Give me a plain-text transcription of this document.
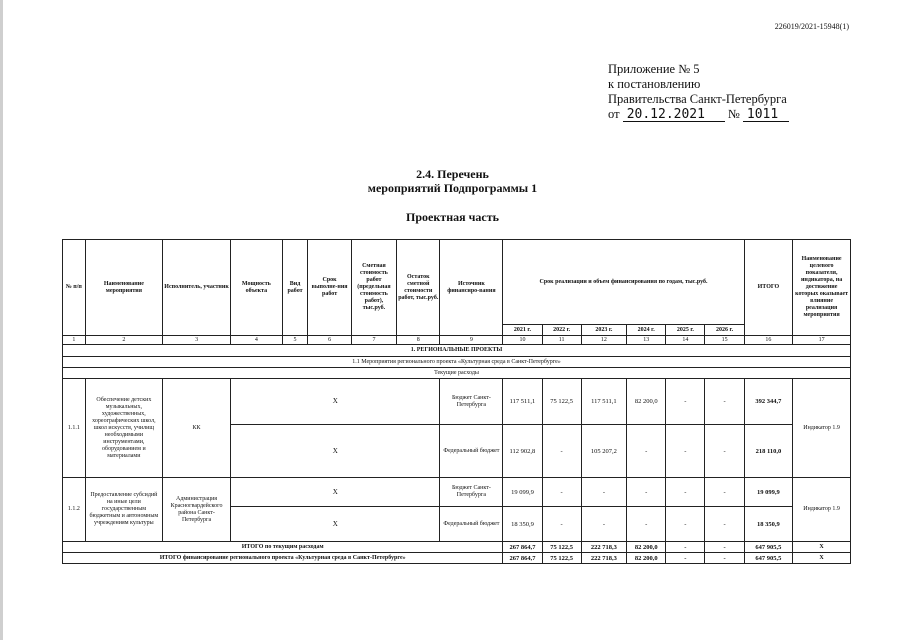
226019/2021-15948(1)
Приложение № 5
к постановлению
Правительства Санкт-Петербурга
от 20.12.2021 № 1011
2.4. Перечень
мероприятий Подпрограммы 1
Проектная часть
№ п/п	Наименование мероприятия	Исполнитель, участник	Мощность объекта	Вид работ	Срок выполне-ния работ	Сметная стоимость работ (предельная стоимость работ), тыс.руб.	Остаток сметной стоимости работ, тыс.руб.	Источник финансиро-вания	Срок реализации и объем финансирования по годам, тыс.руб.						ИТОГО	Наименование целевого показателя, индикатора, на достижение которых оказывает влияние реализация мероприятия
									2021 г.	2022 г.	2023 г.	2024 г.	2025 г.	2026 г.		
1	2	3	4	5	6	7	8	9	10	11	12	13	14	15	16	17
1. РЕГИОНАЛЬНЫЕ ПРОЕКТЫ																
1.1 Мероприятия регионального проекта «Культурная среда в Санкт-Петербурге»																
Текущие расходы																
1.1.1	Обеспечение детских музыкальных, художественных, хореографических школ, школ искусств, училищ необходимыми инструментами, оборудованием и материалами	КК	X					Бюджет Санкт-Петербурга	117 511,1	75 122,5	117 511,1	82 200,0	-	-	392 344,7	Индикатор 1.9
			X					Федеральный бюджет	112 902,8	-	105 207,2	-	-	-	218 110,0	
1.1.2	Предоставление субсидий на иные цели государственным бюджетным и автономным учреждениям культуры	Администрация Красногвардейского района Санкт-Петербурга	X					Бюджет Санкт-Петербурга	19 099,9	-	-	-	-	-	19 099,9	Индикатор 1.9
			X					Федеральный бюджет	18 350,9	-	-	-	-	-	18 350,9	
ИТОГО по текущим расходам									267 864,7	75 122,5	222 718,3	82 200,0	-	-	647 905,5	X
ИТОГО финансирование регионального проекта «Культурная среда в Санкт-Петербурге»									267 864,7	75 122,5	222 718,3	82 200,0	-	-	647 905,5	X
